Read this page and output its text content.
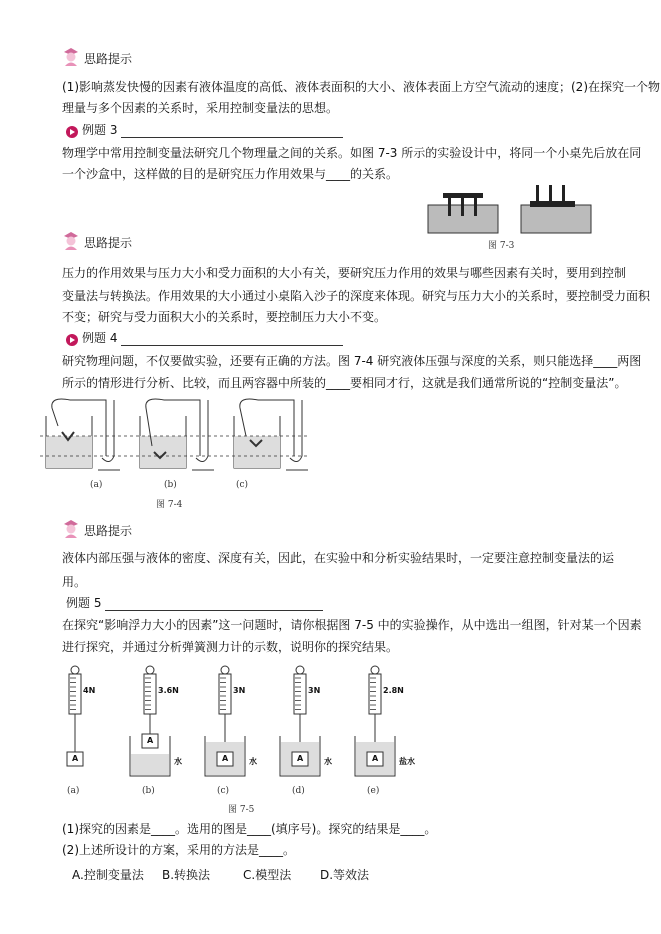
思路提示
(1)影响蒸发快慢的因素有液体温度的高低、液体表面积的大小、液体表面上方空气流动的速度；(2)在探究一个物
理量与多个因素的关系时，采用控制变量法的思想。
例题 3
物理学中常用控制变量法研究几个物理量之间的关系。如图 7-3 所示的实验设计中，将同一个小桌先后放在同
一个沙盒中，这样做的目的是研究压力作用效果与____的关系。
图 7-3
思路提示
压力的作用效果与压力大小和受力面积的大小有关，要研究压力作用的效果与哪些因素有关时，要用到控制
变量法与转换法。作用效果的大小通过小桌陷入沙子的深度来体现。研究与压力大小的关系时，要控制受力面积
不变；研究与受力面积大小的关系时，要控制压力大小不变。
例题 4
研究物理问题，不仅要做实验，还要有正确的方法。图 7-4 研究液体压强与深度的关系，则只能选择____两图
所示的情形进行分析、比较，而且两容器中所装的____要相同才行，这就是我们通常所说的“控制变量法”。
(a)	(b)	(c)
图 7-4
思路提示
液体内部压强与液体的密度、深度有关，因此，在实验中和分析实验结果时，一定要注意控制变量法的运
用。
例题 5
在探究“影响浮力大小的因素”这一问题时，请你根据图 7-5 中的实验操作，从中选出一组图，针对某一个因素
进行探究，并通过分析弹簧测力计的示数，说明你的探究结果。
4N
A
(a)
3.6N
A
水
(b)
3N
A	水
(c)
3N
A	水
(d)
2.8N
A	盐水
(e)
图 7-5
(1)探究的因素是____。选用的图是____(填序号)。探究的结果是____。
(2)上述所设计的方案，采用的方法是____。
A.控制变量法 B.转换法	C.模型法 D.等效法
